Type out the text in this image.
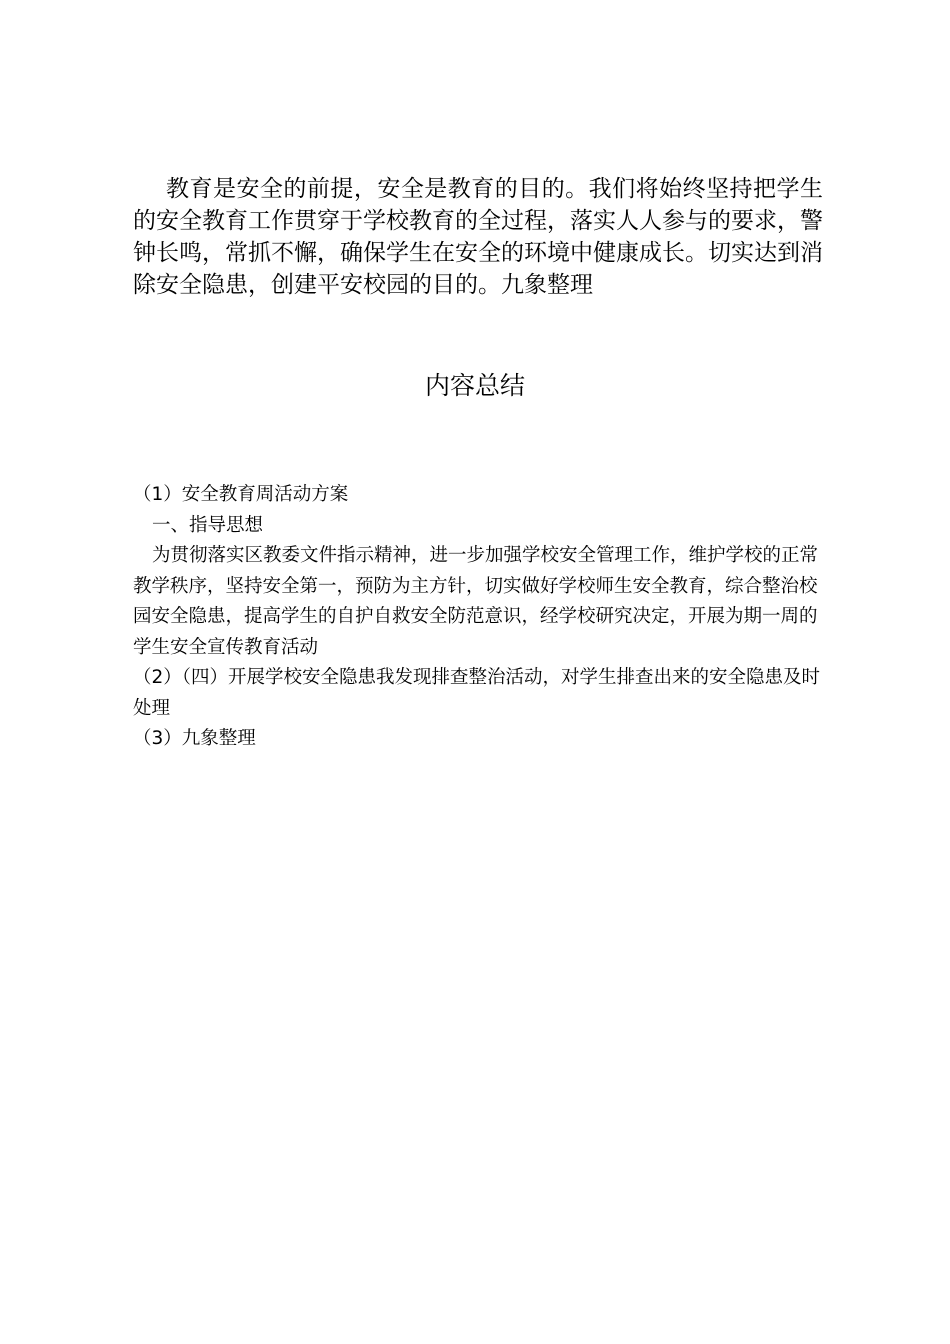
教育是安全的前提，安全是教育的目的。我们将始终坚持把学生的安全教育工作贯穿于学校教育的全过程，落实人人参与的要求，警钟长鸣，常抓不懈，确保学生在安全的环境中健康成长。切实达到消除安全隐患，创建平安校园的目的。九象整理

内容总结

（1）安全教育周活动方案

一、指导思想

为贯彻落实区教委文件指示精神，进一步加强学校安全管理工作，维护学校的正常教学秩序，坚持安全第一，预防为主方针，切实做好学校师生安全教育，综合整治校园安全隐患，提高学生的自护自救安全防范意识，经学校研究决定，开展为期一周的学生安全宣传教育活动

（2）（四）开展学校安全隐患我发现排查整治活动，对学生排查出来的安全隐患及时处理

（3）九象整理
